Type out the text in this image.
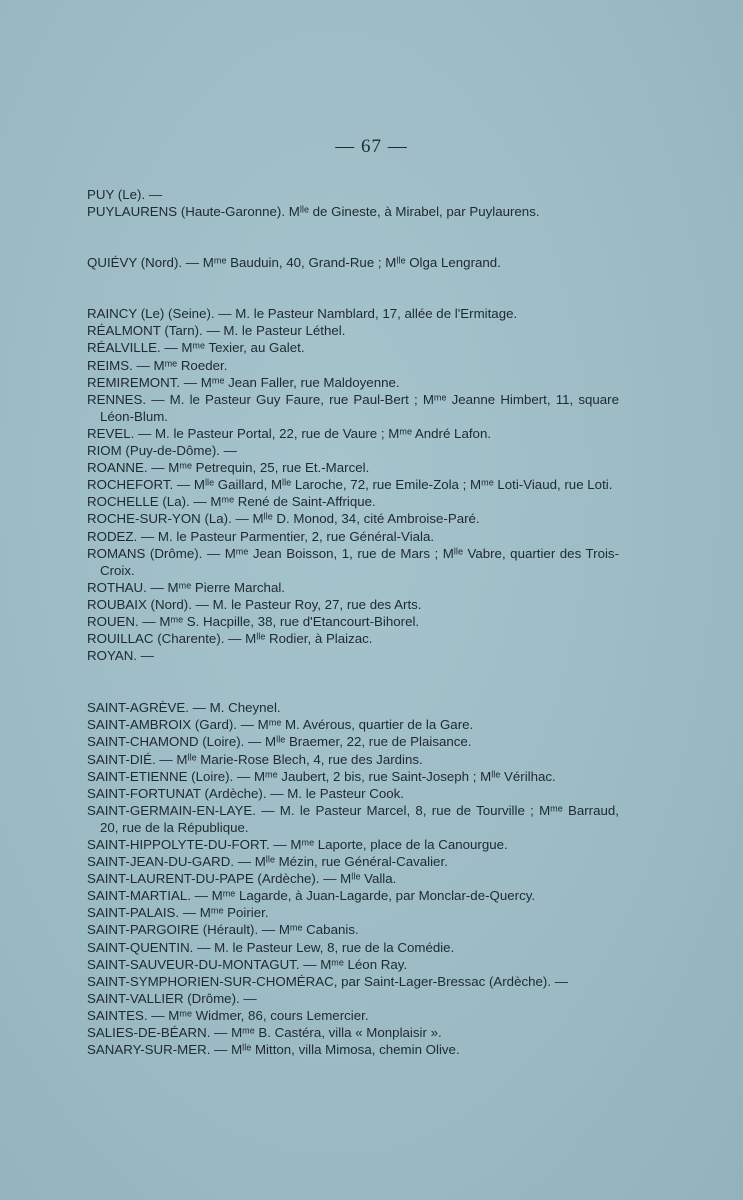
— 67 —

PUY (Le). —

PUYLAURENS (Haute-Garonne). Mˡˡᵉ de Gineste, à Mirabel, par Puylaurens.

QUIÉVY (Nord). — Mᵐᵉ Bauduin, 40, Grand-Rue ; Mˡˡᵉ Olga Lengrand.

RAINCY (Le) (Seine). — M. le Pasteur Namblard, 17, allée de l'Ermitage.

RÉALMONT (Tarn). — M. le Pasteur Léthel.

RÉALVILLE. — Mᵐᵉ Texier, au Galet.

REIMS. — Mᵐᵉ Roeder.

REMIREMONT. — Mᵐᵉ Jean Faller, rue Maldoyenne.

RENNES. — M. le Pasteur Guy Faure, rue Paul-Bert ; Mᵐᵉ Jeanne Himbert, 11, square Léon-Blum.

REVEL. — M. le Pasteur Portal, 22, rue de Vaure ; Mᵐᵉ André Lafon.

RIOM (Puy-de-Dôme). —

ROANNE. — Mᵐᵉ Petrequin, 25, rue Et.-Marcel.

ROCHEFORT. — Mˡˡᵉ Gaillard, Mˡˡᵉ Laroche, 72, rue Emile-Zola ; Mᵐᵉ Loti-Viaud, rue Loti.

ROCHELLE (La). — Mᵐᵉ René de Saint-Affrique.

ROCHE-SUR-YON (La). — Mˡˡᵉ D. Monod, 34, cité Ambroise-Paré.

RODEZ. — M. le Pasteur Parmentier, 2, rue Général-Viala.

ROMANS (Drôme). — Mᵐᵉ Jean Boisson, 1, rue de Mars ; Mˡˡᵉ Vabre, quartier des Trois-Croix.

ROTHAU. — Mᵐᵉ Pierre Marchal.

ROUBAIX (Nord). — M. le Pasteur Roy, 27, rue des Arts.

ROUEN. — Mᵐᵉ S. Hacpille, 38, rue d'Etancourt-Bihorel.

ROUILLAC (Charente). — Mˡˡᵉ Rodier, à Plaizac.

ROYAN. —

SAINT-AGRÈVE. — M. Cheynel.

SAINT-AMBROIX (Gard). — Mᵐᵉ M. Avérous, quartier de la Gare.

SAINT-CHAMOND (Loire). — Mˡˡᵉ Braemer, 22, rue de Plaisance.

SAINT-DIÉ. — Mˡˡᵉ Marie-Rose Blech, 4, rue des Jardins.

SAINT-ETIENNE (Loire). — Mᵐᵉ Jaubert, 2 bis, rue Saint-Joseph ; Mˡˡᵉ Vérilhac.

SAINT-FORTUNAT (Ardèche). — M. le Pasteur Cook.

SAINT-GERMAIN-EN-LAYE. — M. le Pasteur Marcel, 8, rue de Tourville ; Mᵐᵉ Barraud, 20, rue de la République.

SAINT-HIPPOLYTE-DU-FORT. — Mᵐᵉ Laporte, place de la Canourgue.

SAINT-JEAN-DU-GARD. — Mˡˡᵉ Mézin, rue Général-Cavalier.

SAINT-LAURENT-DU-PAPE (Ardèche). — Mˡˡᵉ Valla.

SAINT-MARTIAL. — Mᵐᵉ Lagarde, à Juan-Lagarde, par Monclar-de-Quercy.

SAINT-PALAIS. — Mᵐᵉ Poirier.

SAINT-PARGOIRE (Hérault). — Mᵐᵉ Cabanis.

SAINT-QUENTIN. — M. le Pasteur Lew, 8, rue de la Comédie.

SAINT-SAUVEUR-DU-MONTAGUT. — Mᵐᵉ Léon Ray.

SAINT-SYMPHORIEN-SUR-CHOMÉRAC, par Saint-Lager-Bressac (Ardèche). —

SAINT-VALLIER (Drôme). —

SAINTES. — Mᵐᵉ Widmer, 86, cours Lemercier.

SALIES-DE-BÉARN. — Mᵐᵉ B. Castéra, villa « Monplaisir ».

SANARY-SUR-MER. — Mˡˡᵉ Mitton, villa Mimosa, chemin Olive.
